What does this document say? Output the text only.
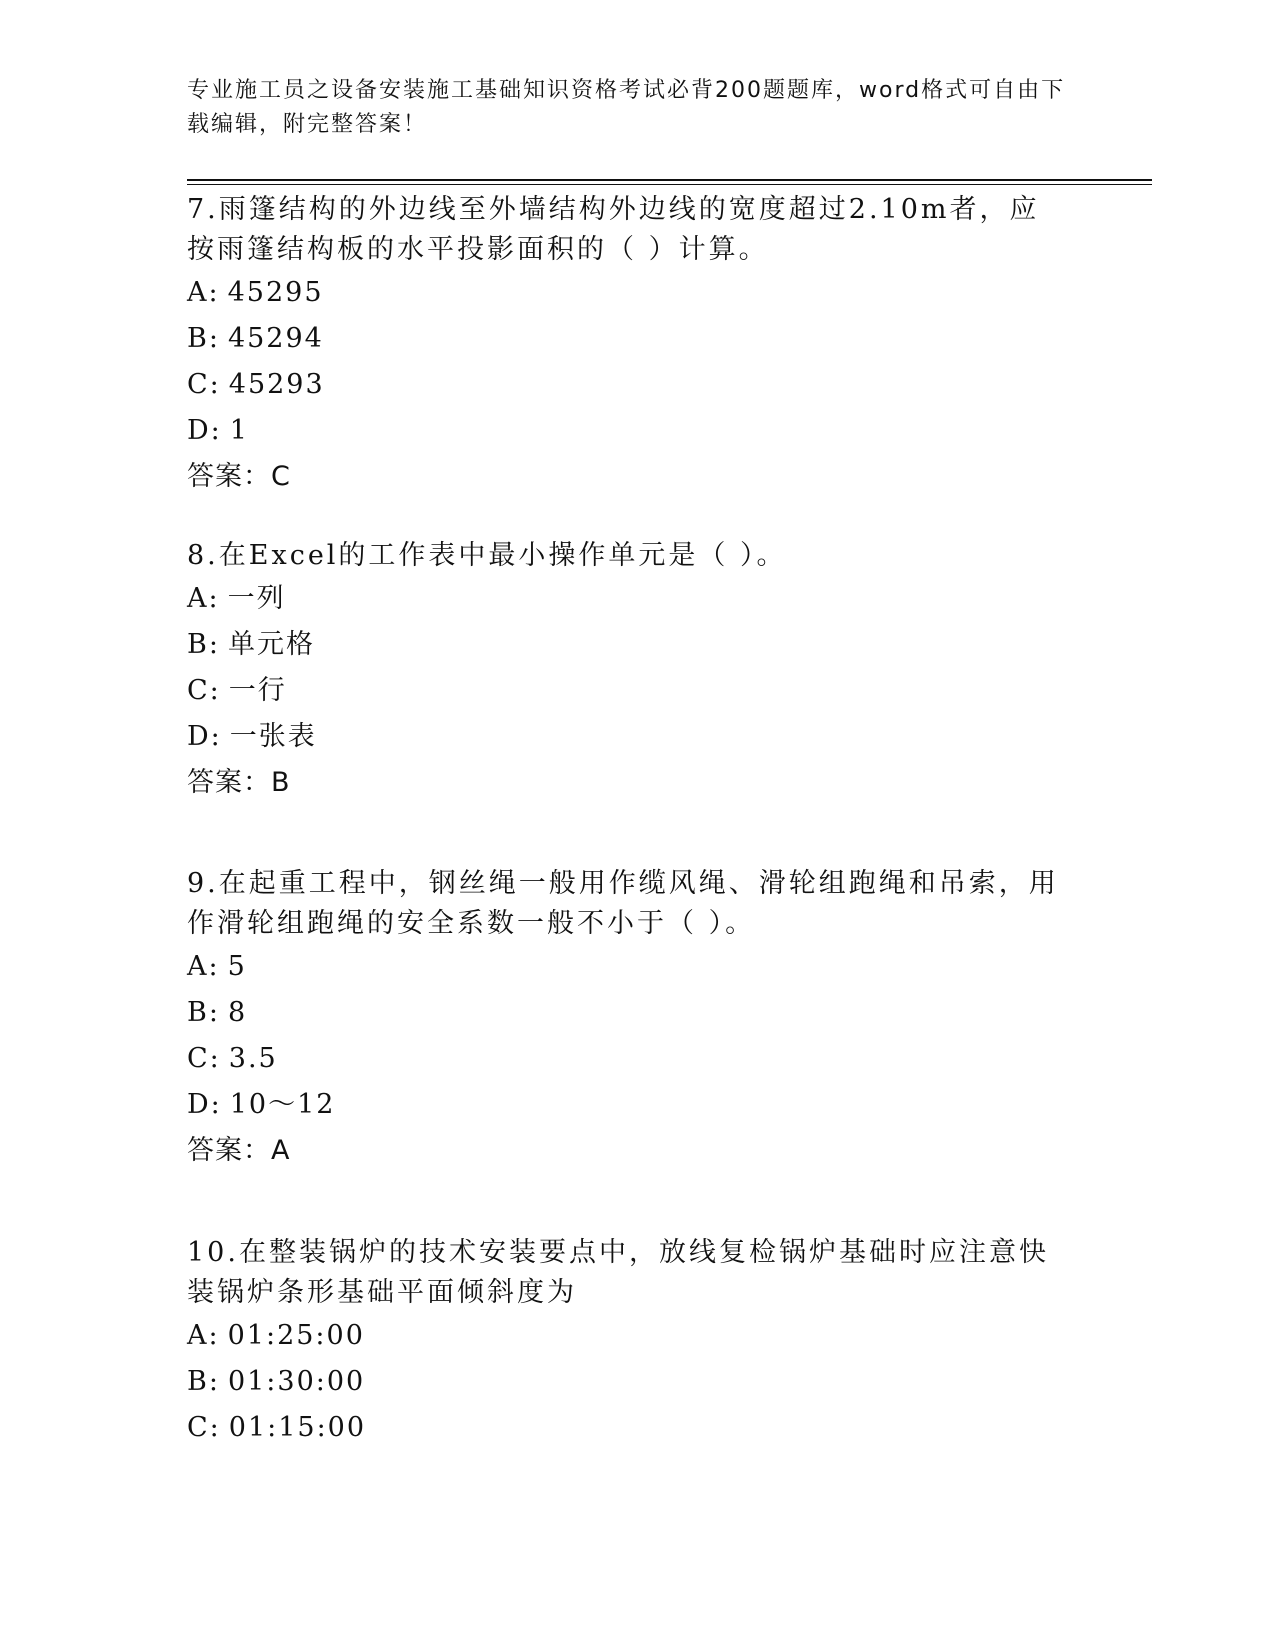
专业施工员之设备安装施工基础知识资格考试必背200题题库，word格式可自由下载编辑，附完整答案！

7.雨篷结构的外边线至外墙结构外边线的宽度超过2.10m者，应按雨篷结构板的水平投影面积的（ ）计算。

A: 45295
B: 45294
C: 45293
D: 1
答案：C

8.在Excel的工作表中最小操作单元是（ ）。

A: 一列
B: 单元格
C: 一行
D: 一张表
答案：B

9.在起重工程中，钢丝绳一般用作缆风绳、滑轮组跑绳和吊索，用作滑轮组跑绳的安全系数一般不小于（ ）。

A: 5
B: 8
C: 3.5
D: 10～12
答案：A

10.在整装锅炉的技术安装要点中，放线复检锅炉基础时应注意快装锅炉条形基础平面倾斜度为

A: 01:25:00
B: 01:30:00
C: 01:15:00
